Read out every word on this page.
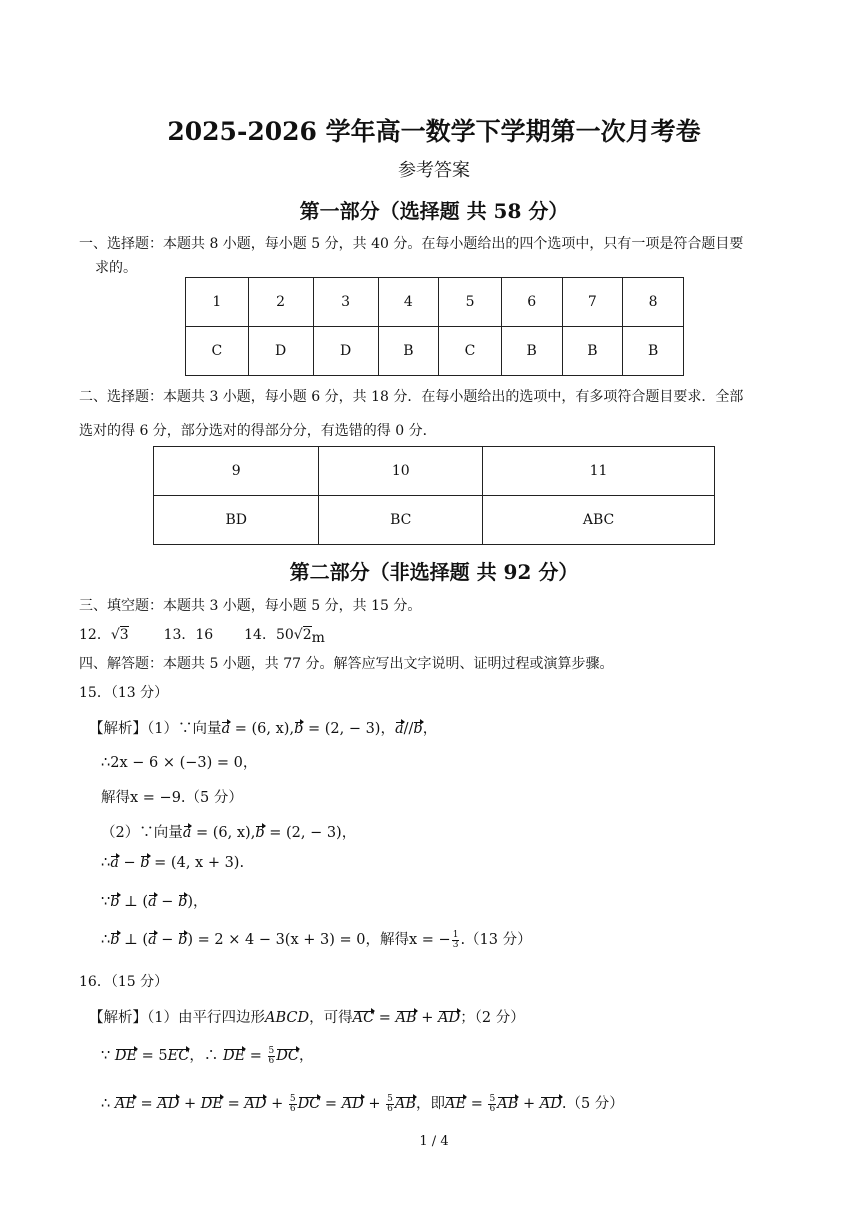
2025-2026 学年高一数学下学期第一次月考卷
参考答案
第一部分（选择题 共 58 分）
一、选择题：本题共 8 小题，每小题 5 分，共 40 分。在每小题给出的四个选项中，只有一项是符合题目要
求的。
1	2	3	4	5	6	7	8
C	D	D	B	C	B	B	B
二、选择题：本题共 3 小题，每小题 6 分，共 18 分．在每小题给出的选项中，有多项符合题目要求．全部
选对的得 6 分，部分选对的得部分分，有选错的得 0 分．
9	10	11
BD	BC	ABC
第二部分（非选择题 共 92 分）
三、填空题：本题共 3 小题，每小题 5 分，共 15 分。
12．√3 13．16 14．50√2m
四、解答题：本题共 5 小题，共 77 分。解答应写出文字说明、证明过程或演算步骤。
15．（13 分）
【解析】（1）∵向量a = (6, x),b = (2, − 3)，a//b，
∴2x − 6 × (−3) = 0，
解得x = −9.（5 分）
（2）∵向量a = (6, x),b = (2, − 3)，
∴a − b = (4, x + 3).
∵b ⊥ (a − b)，
∴b ⊥ (a − b) = 2 × 4 − 3(x + 3) = 0，解得x = − $\frac{1}{3} .(13$ 分）
16．（15 分）
【解析】（1）由平行四边形ABCD，可得AC = AB + AD；（2 分）
∵ DE = 5EC，∴ DE = $\frac{5}{6}$ DC，
∴ AE = AD + DE = AD + $\frac{5}{6}$ DC = AD + $\frac{5}{6}$ AB，即AE = $\frac{5}{6}$ AB + AD.（5 分）
1 / 4
